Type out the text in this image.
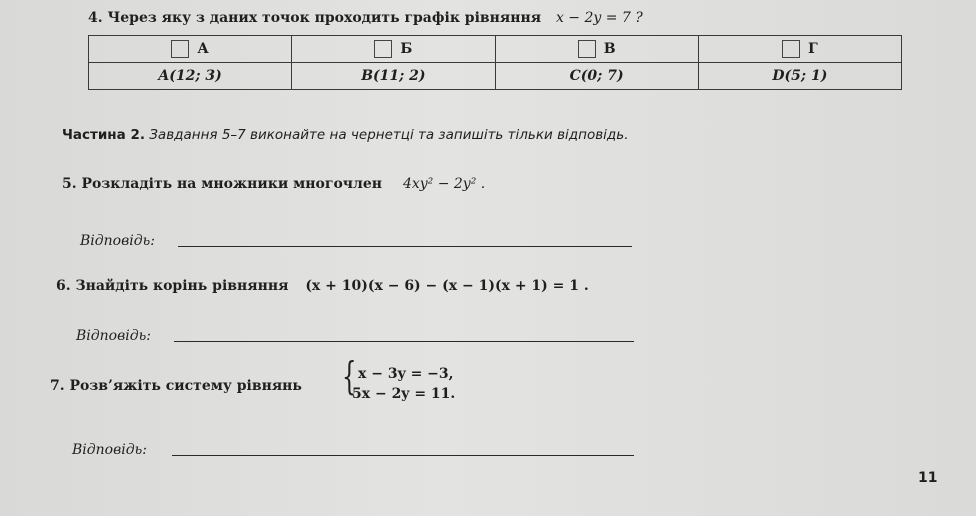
4. Через яку з даних точок проходить графік рівняння x − 2y = 7 ?
А	Б	В	Г
A(12; 3)	B(11; 2)	C(0; 7)	D(5; 1)
Частина 2. Завдання 5–7 виконайте на чернетці та запишіть тільки відповідь.
5. Розкладіть на множники многочлен 4xy² − 2y² .
Відповідь:
6. Знайдіть корінь рівняння (x + 10)(x − 6) − (x − 1)(x + 1) = 1 .
Відповідь:
7. Розв’яжіть систему рівнянь { x − 3y = −3,
5x − 2y = 11.
Відповідь:
11
